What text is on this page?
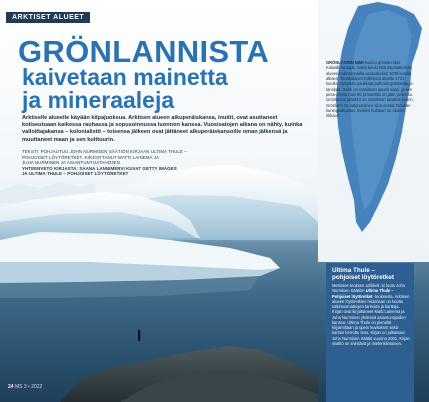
ARKTISET ALUEET
GRÖNLANNISTA
kaivetaan mainetta
ja mineraaleja
Arktiselle alueelle käyään kilpajuoksua. Arktisen alueen aikuperäiskansa, inuitit, ovat asuttaneet kotiseutuaan kaikessa rauhassa ja sopusoinnussa luonnon kanssa. Vuosisatojen aikana on nähty, kuinka valloittajakansa – kolonialistit – toisensa jälkeen ovat jättäneet alkuperäiskansoille oman jälkensä ja muuttaneet maan ja sen kulttuurin.
TEKSTI: POHJAUTUU JOHN NURMISEN SÄÄTIÖN KIRJAAN ULTIMA THULE –
POHJOISET LÖYTÖRETKET. KIRJOITTANUT MATTI LAINEMA JA
JUHA NURMINEN JA ASIANTUNTIJATAHOJEN
YHTEENVETO KIRJASTA: SAANA LANNIMERVI KUVAT GETTY IMAGES
JA ULTIMA THULE – POHJOISET LÖYTÖRETKET
GRÖNLANNIN NIMI kuuluu grönlanniksi Kalaallit Nunaat. Saksi kuulu että asumattoman alueen kalliorannoilla asutuskeksit 1000-luvulla alkaen. Tanskalaiset hallitsivat aluetta 1721-luvulla. Nykyään asukkaat puhuvat grönlantia ja tanskaa. Saari on maailman suurin saari, ja sen pinta-alasta noin 80 prosenttia on jään peitossa. Grönlannin jäätikkö on maailman toiseksi suurin. Grönlanti on autonominen alue osana Tanskan kuningaskuntaa. Inuitien kulttuuri on alueen rikkaus.
Ultima Thule –
pohjoiset löytöretket
Merimies-teoksen artikkeli on luotu John Nurmisen Säätiön Ultima Thule – Pohjoiset löytöretket -teoksesta. Arktisen alueen löytöretkien historiaan on koottu tutkimusmatkojen tarinoita ja karttoja. Kirjan ovat kirjoittaneet Matti Lainema ja Juha Nurminen yhdessä asiantuntijoiden kanssa. Ultima Thule on pieneltä kirjaimiltaan ja upein kuvituksin sekä kartoin kerrottu teos. Kirjan on julkaissut John Nurmisen Säätiö vuonna 2001. Kirjan sisältö on sivistävä ja mielenkiintoinen.
24 MS 3 • 2022
